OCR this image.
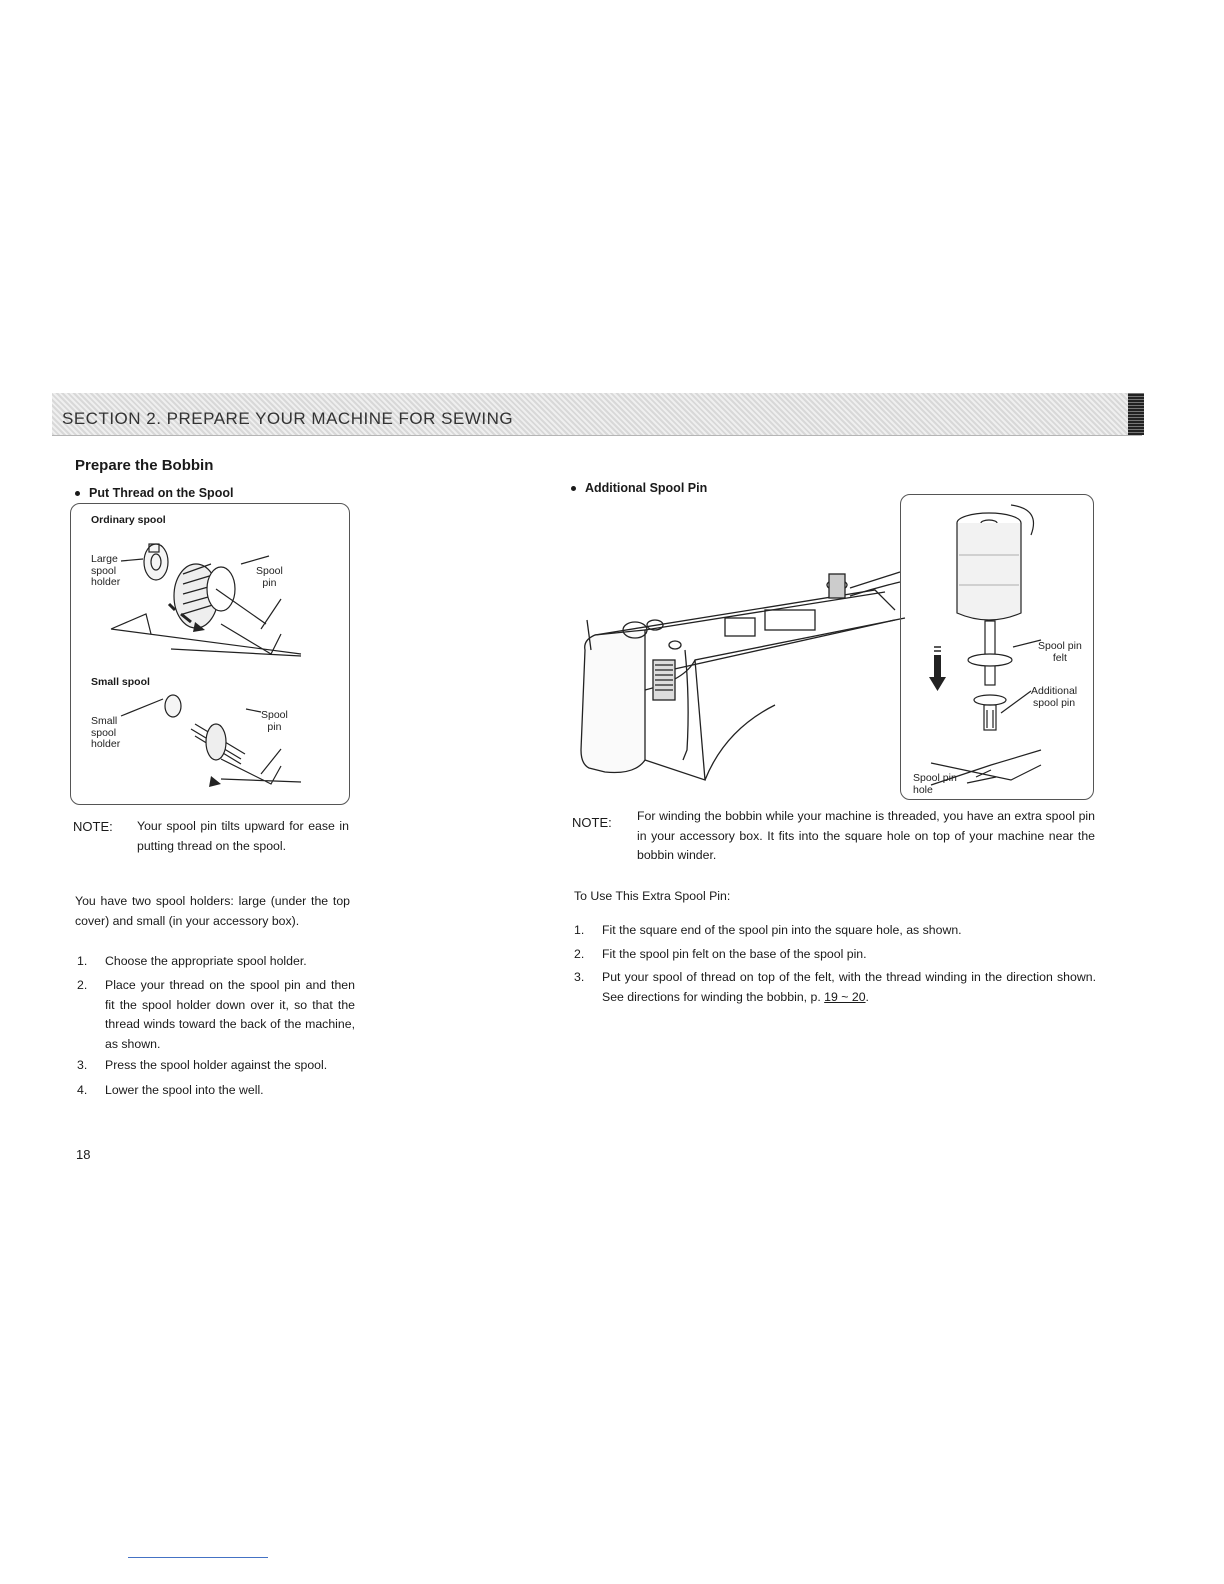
SECTION 2. PREPARE YOUR MACHINE FOR SEWING
Prepare the Bobbin
Put Thread on the Spool
Ordinary spool
Large
spool
holder
Spool
pin
Small spool
Small
spool
holder
Spool
pin
NOTE: Your spool pin tilts upward for ease in putting thread on the spool.
You have two spool holders: large (under the top cover) and small (in your accessory box).
1. Choose the appropriate spool holder.
2. Place your thread on the spool pin and then fit the spool holder down over it, so that the thread winds toward the back of the machine, as shown.
3. Press the spool holder against the spool.
4. Lower the spool into the well.
18
Additional Spool Pin
Spool pin
felt
Additional
spool pin
Spool pin
hole
NOTE: For winding the bobbin while your machine is threaded, you have an extra spool pin in your accessory box. It fits into the square hole on top of your machine near the bobbin winder.
To Use This Extra Spool Pin:
1. Fit the square end of the spool pin into the square hole, as shown.
2. Fit the spool pin felt on the base of the spool pin.
3. Put your spool of thread on top of the felt, with the thread winding in the direction shown. See directions for winding the bobbin, p. 19 ~ 20.
